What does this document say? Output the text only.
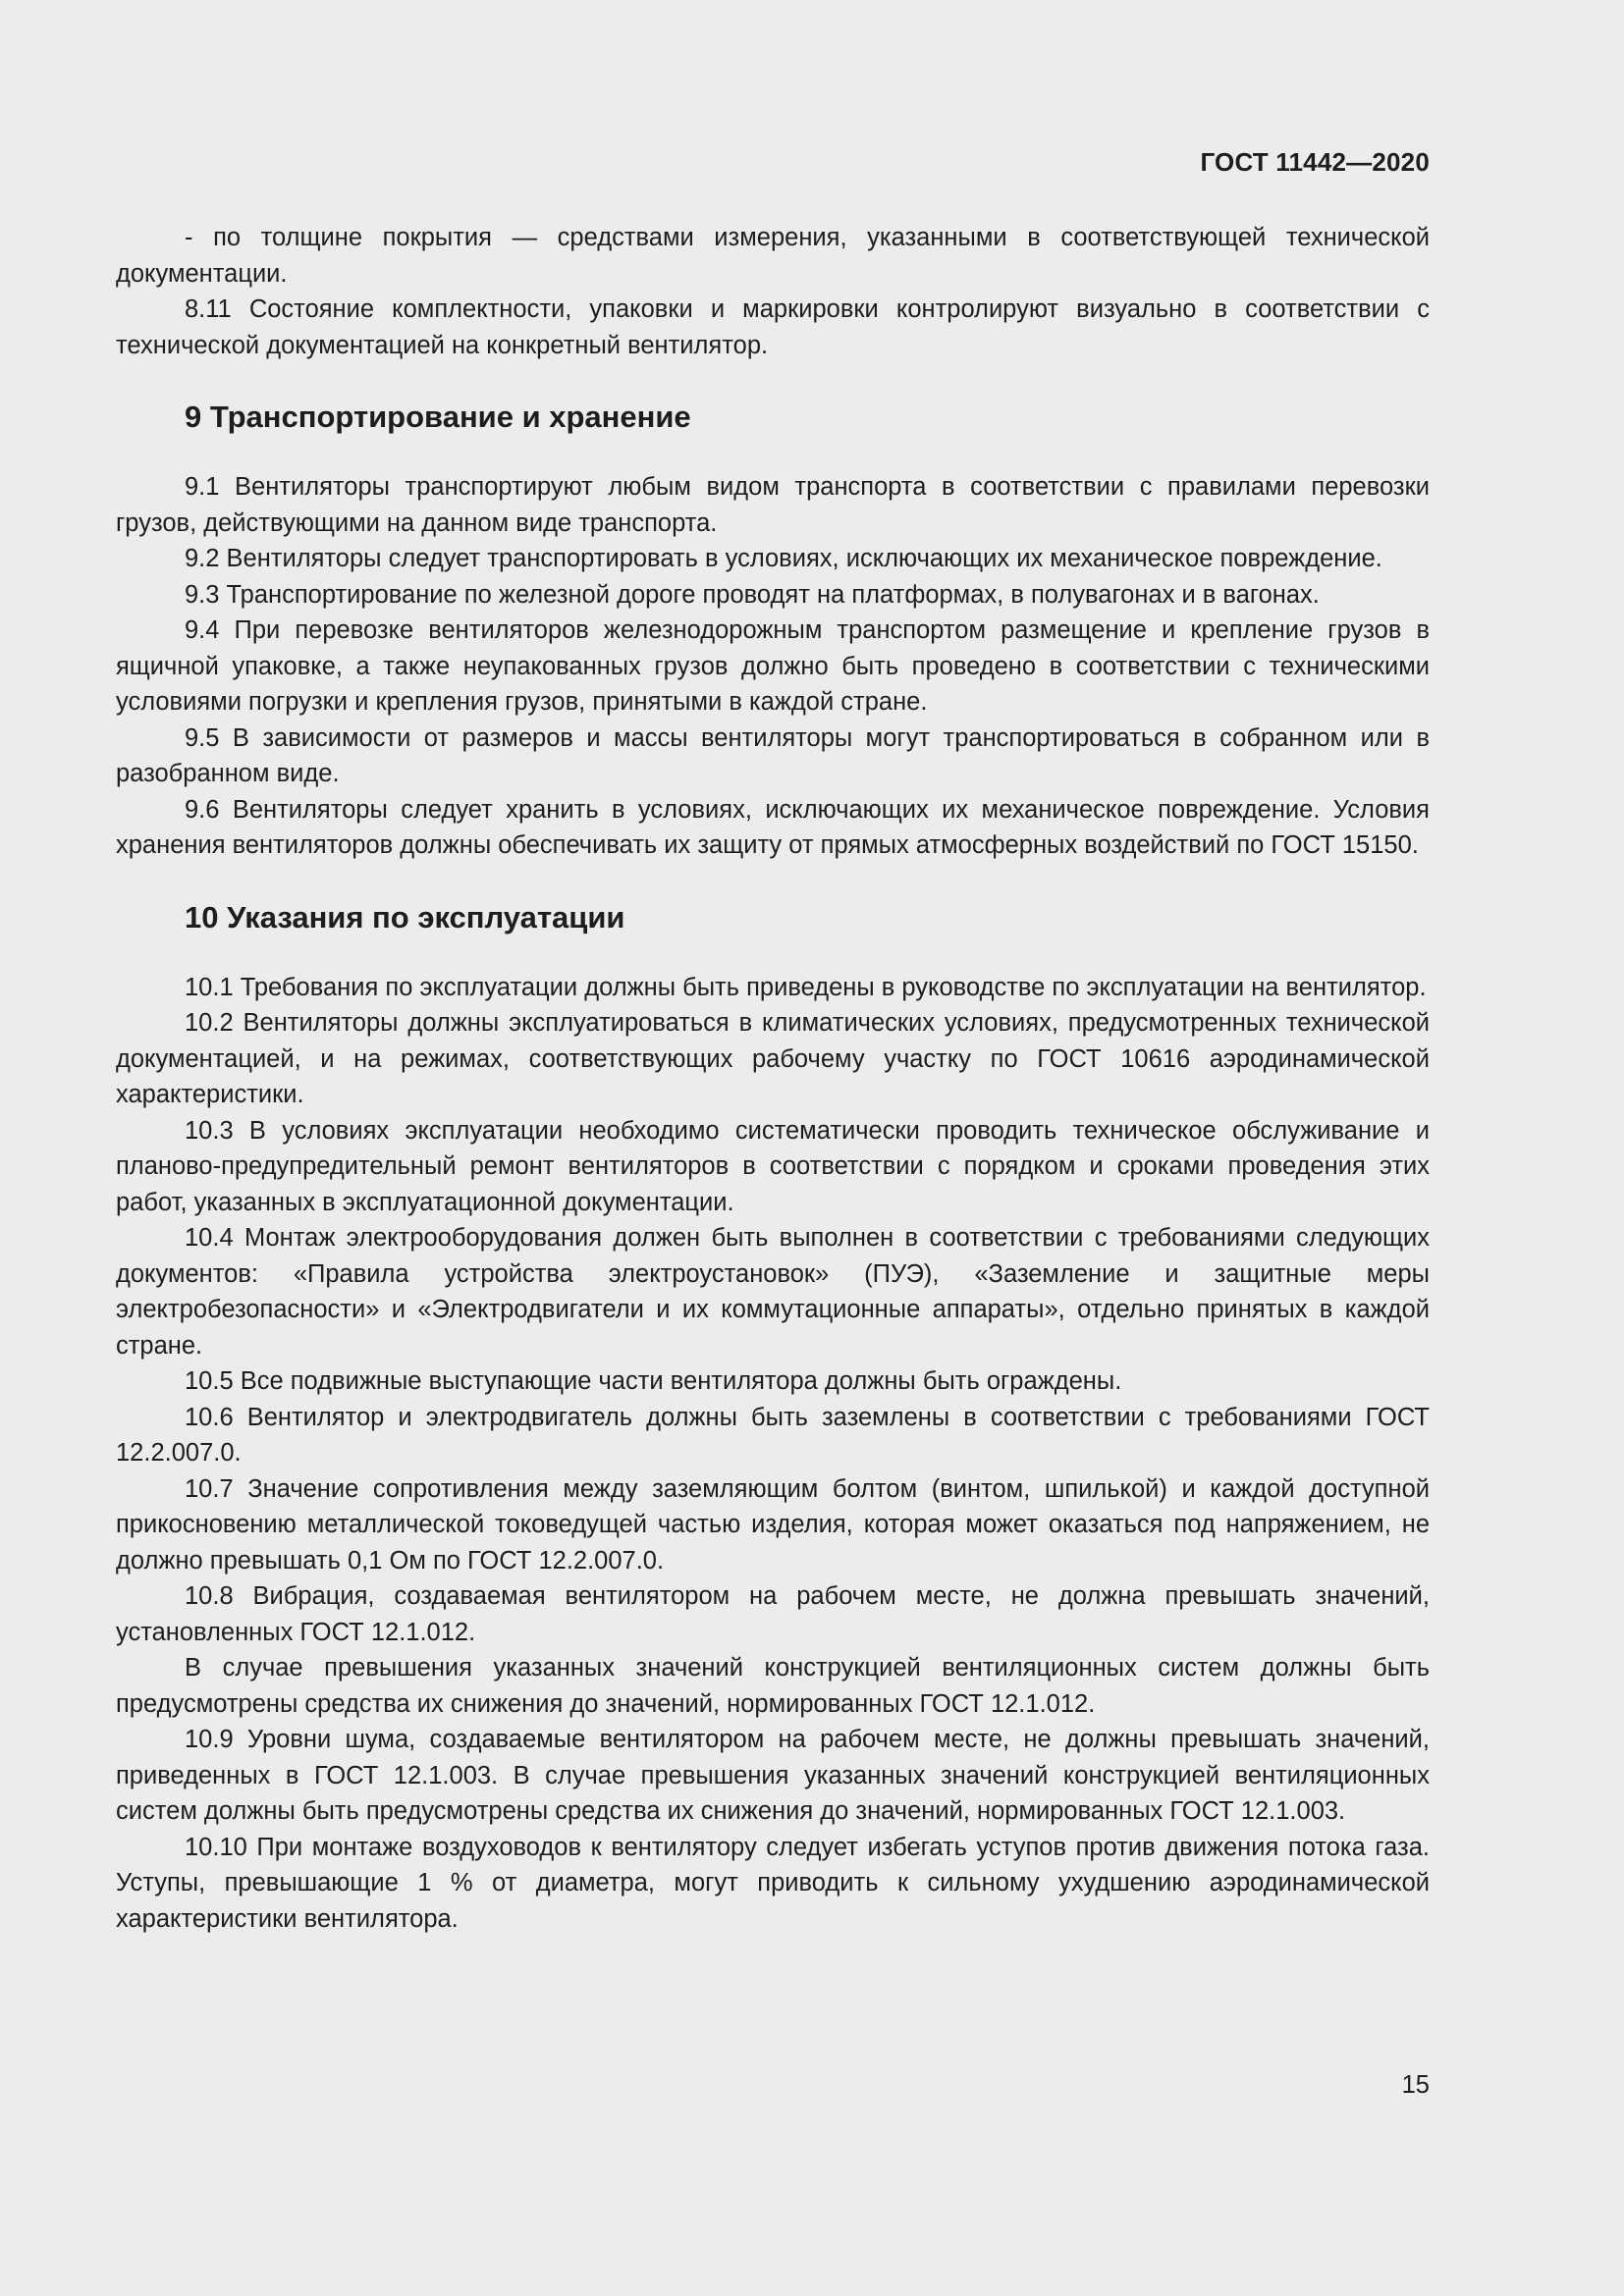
ГОСТ 11442—2020

- по толщине покрытия — средствами измерения, указанными в соответствующей технической документации.

8.11 Состояние комплектности, упаковки и маркировки контролируют визуально в соответствии с технической документацией на конкретный вентилятор.

9 Транспортирование и хранение

9.1 Вентиляторы транспортируют любым видом транспорта в соответствии с правилами перевозки грузов, действующими на данном виде транспорта.

9.2 Вентиляторы следует транспортировать в условиях, исключающих их механическое повреждение.

9.3 Транспортирование по железной дороге проводят на платформах, в полувагонах и в вагонах.

9.4 При перевозке вентиляторов железнодорожным транспортом размещение и крепление грузов в ящичной упаковке, а также неупакованных грузов должно быть проведено в соответствии с техническими условиями погрузки и крепления грузов, принятыми в каждой стране.

9.5 В зависимости от размеров и массы вентиляторы могут транспортироваться в собранном или в разобранном виде.

9.6 Вентиляторы следует хранить в условиях, исключающих их механическое повреждение. Условия хранения вентиляторов должны обеспечивать их защиту от прямых атмосферных воздействий по ГОСТ 15150.

10 Указания по эксплуатации

10.1 Требования по эксплуатации должны быть приведены в руководстве по эксплуатации на вентилятор.

10.2 Вентиляторы должны эксплуатироваться в климатических условиях, предусмотренных технической документацией, и на режимах, соответствующих рабочему участку по ГОСТ 10616 аэродинамической характеристики.

10.3 В условиях эксплуатации необходимо систематически проводить техническое обслуживание и планово-предупредительный ремонт вентиляторов в соответствии с порядком и сроками проведения этих работ, указанных в эксплуатационной документации.

10.4 Монтаж электрооборудования должен быть выполнен в соответствии с требованиями следующих документов: «Правила устройства электроустановок» (ПУЭ), «Заземление и защитные меры электробезопасности» и «Электродвигатели и их коммутационные аппараты», отдельно принятых в каждой стране.

10.5 Все подвижные выступающие части вентилятора должны быть ограждены.

10.6 Вентилятор и электродвигатель должны быть заземлены в соответствии с требованиями ГОСТ 12.2.007.0.

10.7 Значение сопротивления между заземляющим болтом (винтом, шпилькой) и каждой доступной прикосновению металлической токоведущей частью изделия, которая может оказаться под напряжением, не должно превышать 0,1 Ом по ГОСТ 12.2.007.0.

10.8 Вибрация, создаваемая вентилятором на рабочем месте, не должна превышать значений, установленных ГОСТ 12.1.012.

В случае превышения указанных значений конструкцией вентиляционных систем должны быть предусмотрены средства их снижения до значений, нормированных ГОСТ 12.1.012.

10.9 Уровни шума, создаваемые вентилятором на рабочем месте, не должны превышать значений, приведенных в ГОСТ 12.1.003. В случае превышения указанных значений конструкцией вентиляционных систем должны быть предусмотрены средства их снижения до значений, нормированных ГОСТ 12.1.003.

10.10 При монтаже воздуховодов к вентилятору следует избегать уступов против движения потока газа. Уступы, превышающие 1 % от диаметра, могут приводить к сильному ухудшению аэродинамической характеристики вентилятора.

15
